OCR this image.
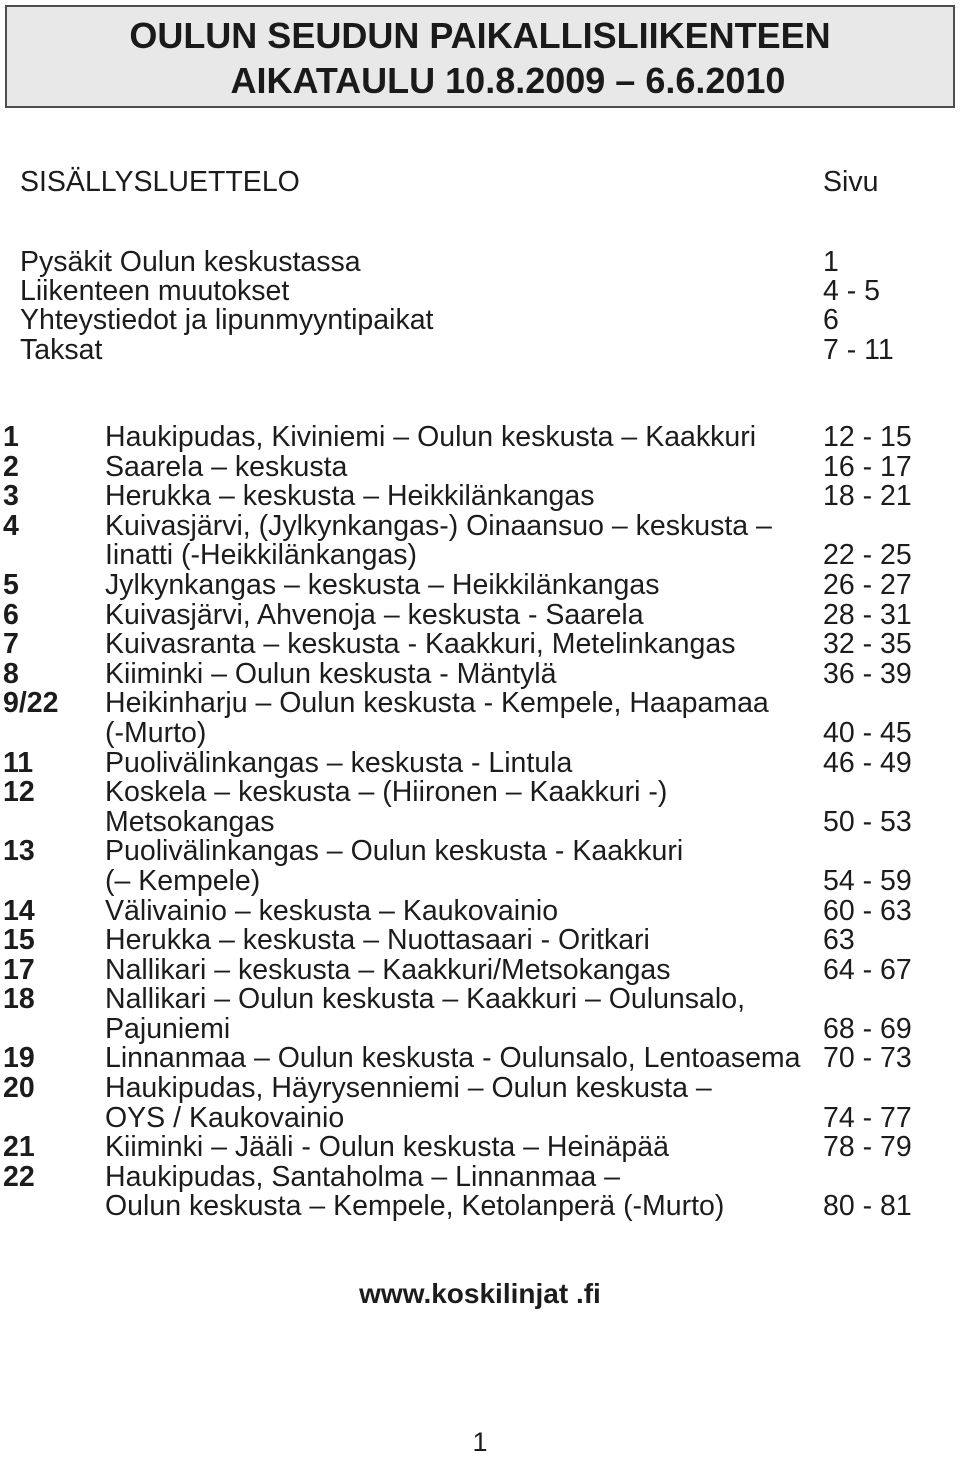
OULUN SEUDUN PAIKALLISLIIKENTEEN
AIKATAULU 10.8.2009 – 6.6.2010
SISÄLLYSLUETTELO	Sivu
Pysäkit Oulun keskustassa	1
Liikenteen muutokset	4 - 5
Yhteystiedot ja lipunmyyntipaikat	6
Taksat	7 - 11
1	Haukipudas, Kiviniemi – Oulun keskusta – Kaakkuri	12 - 15
2	Saarela – keskusta	16 - 17
3	Herukka – keskusta – Heikkilänkangas	18 - 21
4	Kuivasjärvi, (Jylkynkangas-) Oinaansuo – keskusta –
Iinatti (-Heikkilänkangas)	22 - 25
5	Jylkynkangas – keskusta – Heikkilänkangas	26 - 27
6	Kuivasjärvi, Ahvenoja – keskusta - Saarela	28 - 31
7	Kuivasranta – keskusta - Kaakkuri, Metelinkangas	32 - 35
8	Kiiminki – Oulun keskusta - Mäntylä	36 - 39
9/22 Heikinharju – Oulun keskusta - Kempele, Haapamaa
(-Murto)	40 - 45
11	Puolivälinkangas – keskusta - Lintula	46 - 49
12 Koskela – keskusta – (Hiironen – Kaakkuri -)
Metsokangas	50 - 53
13 Puolivälinkangas – Oulun keskusta - Kaakkuri
(– Kempele)	54 - 59
14 Välivainio – keskusta – Kaukovainio	60 - 63
15 Herukka – keskusta – Nuottasaari - Oritkari	63
17 Nallikari – keskusta – Kaakkuri/Metsokangas	64 - 67
18 Nallikari – Oulun keskusta – Kaakkuri – Oulunsalo,
Pajuniemi	68 - 69
19 Linnanmaa – Oulun keskusta - Oulunsalo, Lentoasema 70 - 73
20 Haukipudas, Häyrysenniemi – Oulun keskusta –
OYS / Kaukovainio	74 - 77
21 Kiiminki – Jääli - Oulun keskusta – Heinäpää	78 - 79
22 Haukipudas, Santaholma – Linnanmaa –
Oulun keskusta – Kempele, Ketolanperä (-Murto)	80 - 81
www.koskilinjat .fi
1
